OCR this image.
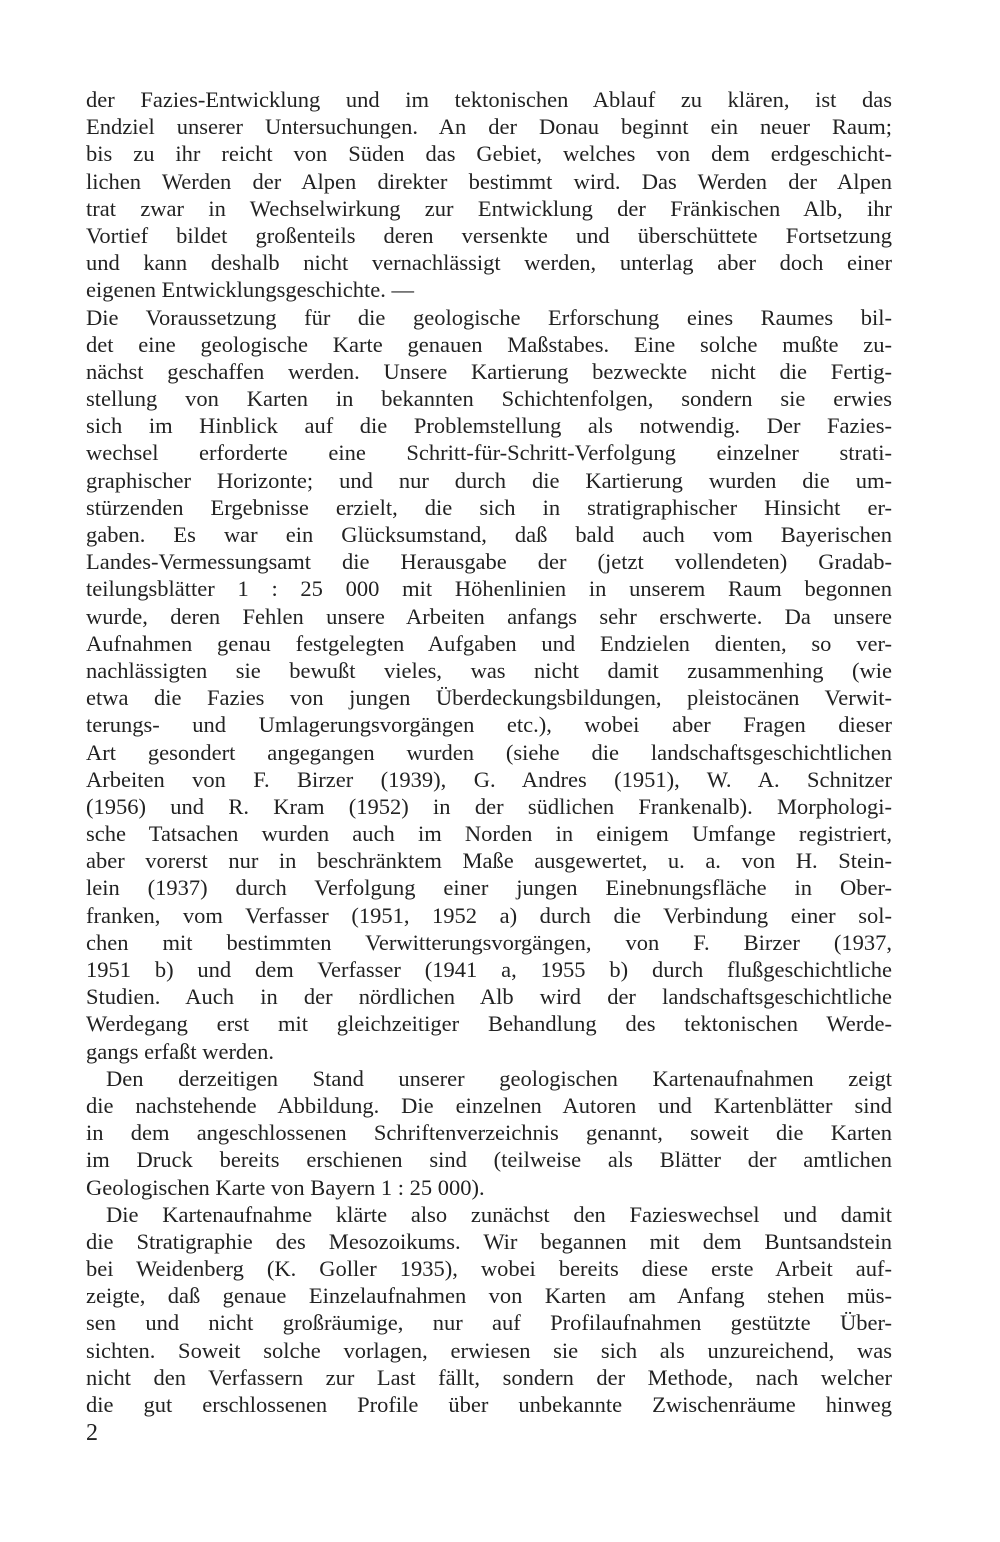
der Fazies-Entwicklung und im tektonischen Ablauf zu klären, ist das
Endziel unserer Untersuchungen. An der Donau beginnt ein neuer Raum;
bis zu ihr reicht von Süden das Gebiet, welches von dem erdgeschicht-
lichen Werden der Alpen direkter bestimmt wird. Das Werden der Alpen
trat zwar in Wechselwirkung zur Entwicklung der Fränkischen Alb, ihr
Vortief bildet großenteils deren versenkte und überschüttete Fortsetzung
und kann deshalb nicht vernachlässigt werden, unterlag aber doch einer
eigenen Entwicklungsgeschichte. —
Die Voraussetzung für die geologische Erforschung eines Raumes bil-
det eine geologische Karte genauen Maßstabes. Eine solche mußte zu-
nächst geschaffen werden. Unsere Kartierung bezweckte nicht die Fertig-
stellung von Karten in bekannten Schichtenfolgen, sondern sie erwies
sich im Hinblick auf die Problemstellung als notwendig. Der Fazies-
wechsel erforderte eine Schritt-für-Schritt-Verfolgung einzelner strati-
graphischer Horizonte; und nur durch die Kartierung wurden die um-
stürzenden Ergebnisse erzielt, die sich in stratigraphischer Hinsicht er-
gaben. Es war ein Glücksumstand, daß bald auch vom Bayerischen
Landes-Vermessungsamt die Herausgabe der (jetzt vollendeten) Gradab-
teilungsblätter 1 : 25 000 mit Höhenlinien in unserem Raum begonnen
wurde, deren Fehlen unsere Arbeiten anfangs sehr erschwerte. Da unsere
Aufnahmen genau festgelegten Aufgaben und Endzielen dienten, so ver-
nachlässigten sie bewußt vieles, was nicht damit zusammenhing (wie
etwa die Fazies von jungen Überdeckungsbildungen, pleistocänen Verwit-
terungs- und Umlagerungsvorgängen etc.), wobei aber Fragen dieser
Art gesondert angegangen wurden (siehe die landschaftsgeschichtlichen
Arbeiten von F. Birzer (1939), G. Andres (1951), W. A. Schnitzer
(1956) und R. Kram (1952) in der südlichen Frankenalb). Morphologi-
sche Tatsachen wurden auch im Norden in einigem Umfange registriert,
aber vorerst nur in beschränktem Maße ausgewertet, u. a. von H. Stein-
lein (1937) durch Verfolgung einer jungen Einebnungsfläche in Ober-
franken, vom Verfasser (1951, 1952 a) durch die Verbindung einer sol-
chen mit bestimmten Verwitterungsvorgängen, von F. Birzer (1937,
1951 b) und dem Verfasser (1941 a, 1955 b) durch flußgeschichtliche
Studien. Auch in der nördlichen Alb wird der landschaftsgeschichtliche
Werdegang erst mit gleichzeitiger Behandlung des tektonischen Werde-
gangs erfaßt werden.
Den derzeitigen Stand unserer geologischen Kartenaufnahmen zeigt
die nachstehende Abbildung. Die einzelnen Autoren und Kartenblätter sind
in dem angeschlossenen Schriftenverzeichnis genannt, soweit die Karten
im Druck bereits erschienen sind (teilweise als Blätter der amtlichen
Geologischen Karte von Bayern 1 : 25 000).
Die Kartenaufnahme klärte also zunächst den Fazieswechsel und damit
die Stratigraphie des Mesozoikums. Wir begannen mit dem Buntsandstein
bei Weidenberg (K. Goller 1935), wobei bereits diese erste Arbeit auf-
zeigte, daß genaue Einzelaufnahmen von Karten am Anfang stehen müs-
sen und nicht großräumige, nur auf Profilaufnahmen gestützte Über-
sichten. Soweit solche vorlagen, erwiesen sie sich als unzureichend, was
nicht den Verfassern zur Last fällt, sondern der Methode, nach welcher
die gut erschlossenen Profile über unbekannte Zwischenräume hinweg
2
